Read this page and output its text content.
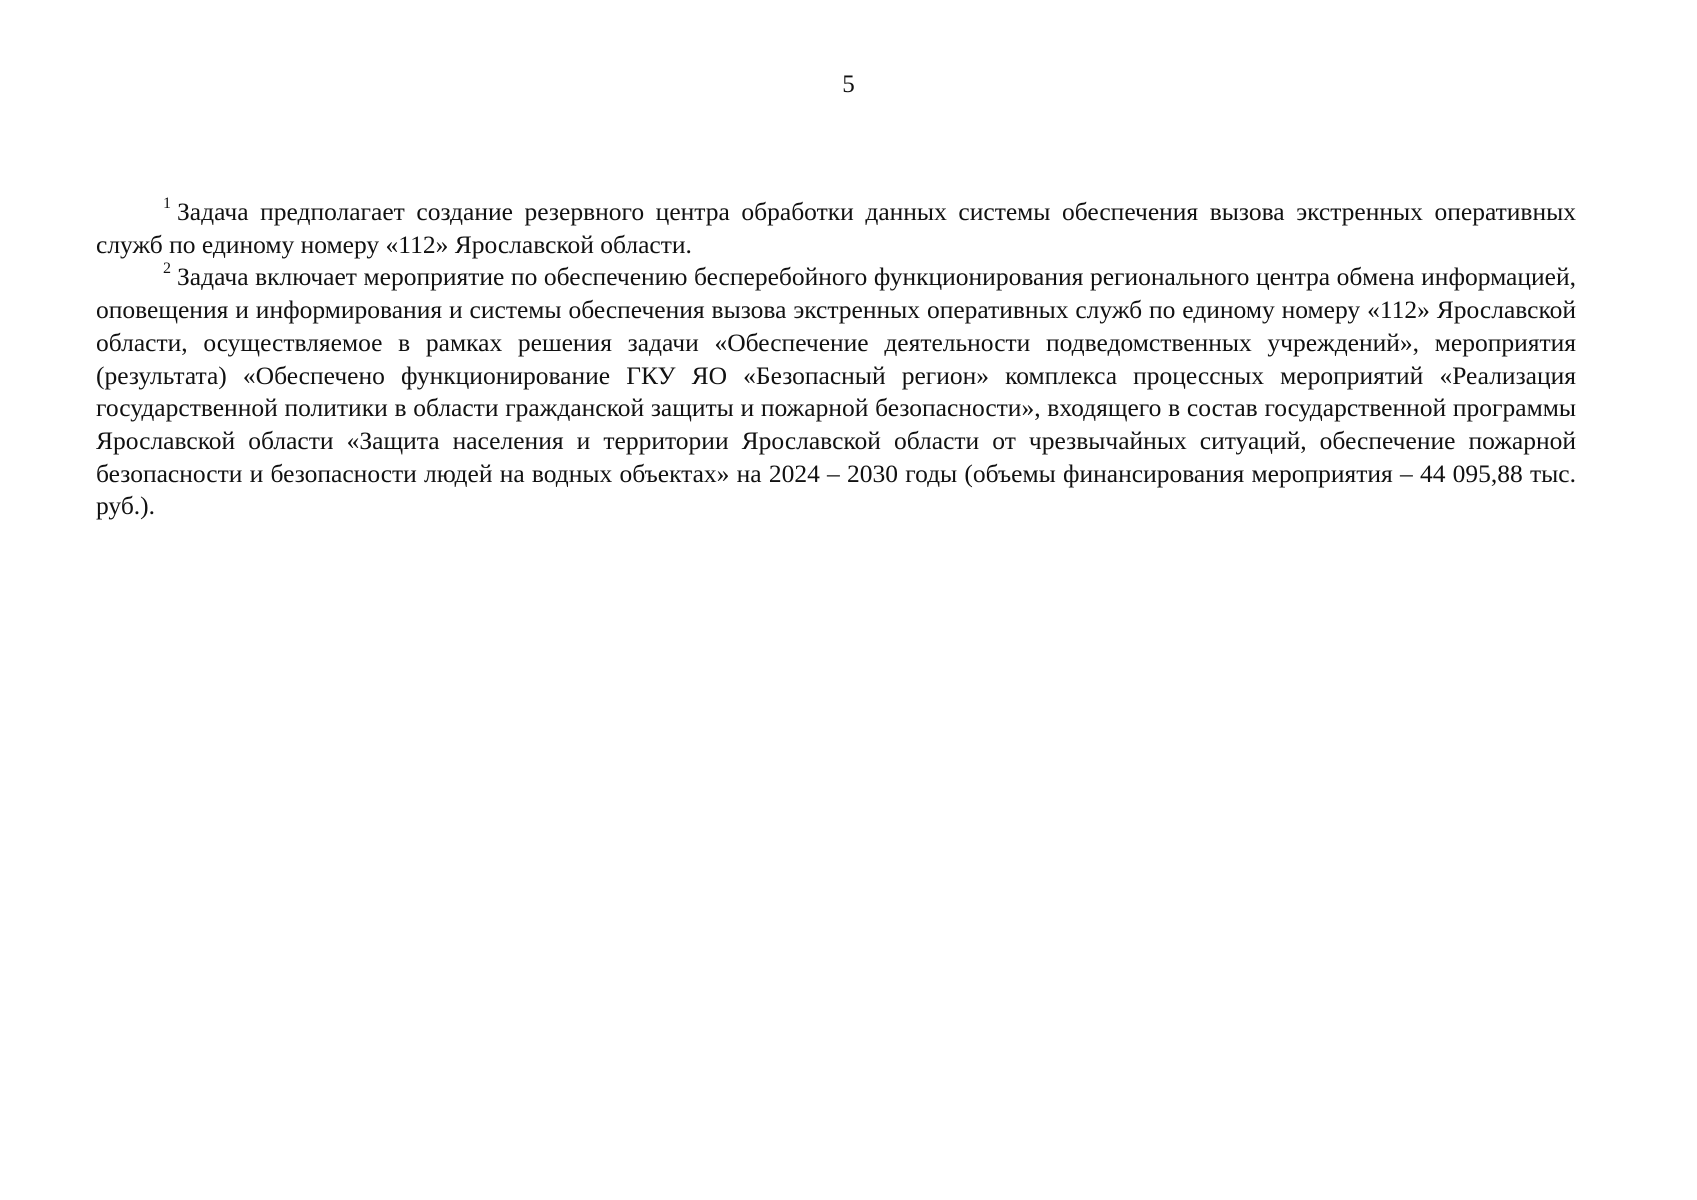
5

$^1$ Задача предполагает создание резервного центра обработки данных системы обеспечения вызова экстренных оперативных служб по единому номеру «112» Ярославской области.

$^2$ Задача включает мероприятие по обеспечению бесперебойного функционирования регионального центра обмена информацией, оповещения и информирования и системы обеспечения вызова экстренных оперативных служб по единому номеру «112» Ярославской области, осуществляемое в рамках решения задачи «Обеспечение деятельности подведомственных учреждений», мероприятия (результата) «Обеспечено функционирование ГКУ ЯО «Безопасный регион» комплекса процессных мероприятий «Реализация государственной политики в области гражданской защиты и пожарной безопасности», входящего в состав государственной программы Ярославской области «Защита населения и территории Ярославской области от чрезвычайных ситуаций, обеспечение пожарной безопасности и безопасности людей на водных объектах» на 2024 – 2030 годы (объемы финансирования мероприятия – 44 095,88 тыс. руб.).
